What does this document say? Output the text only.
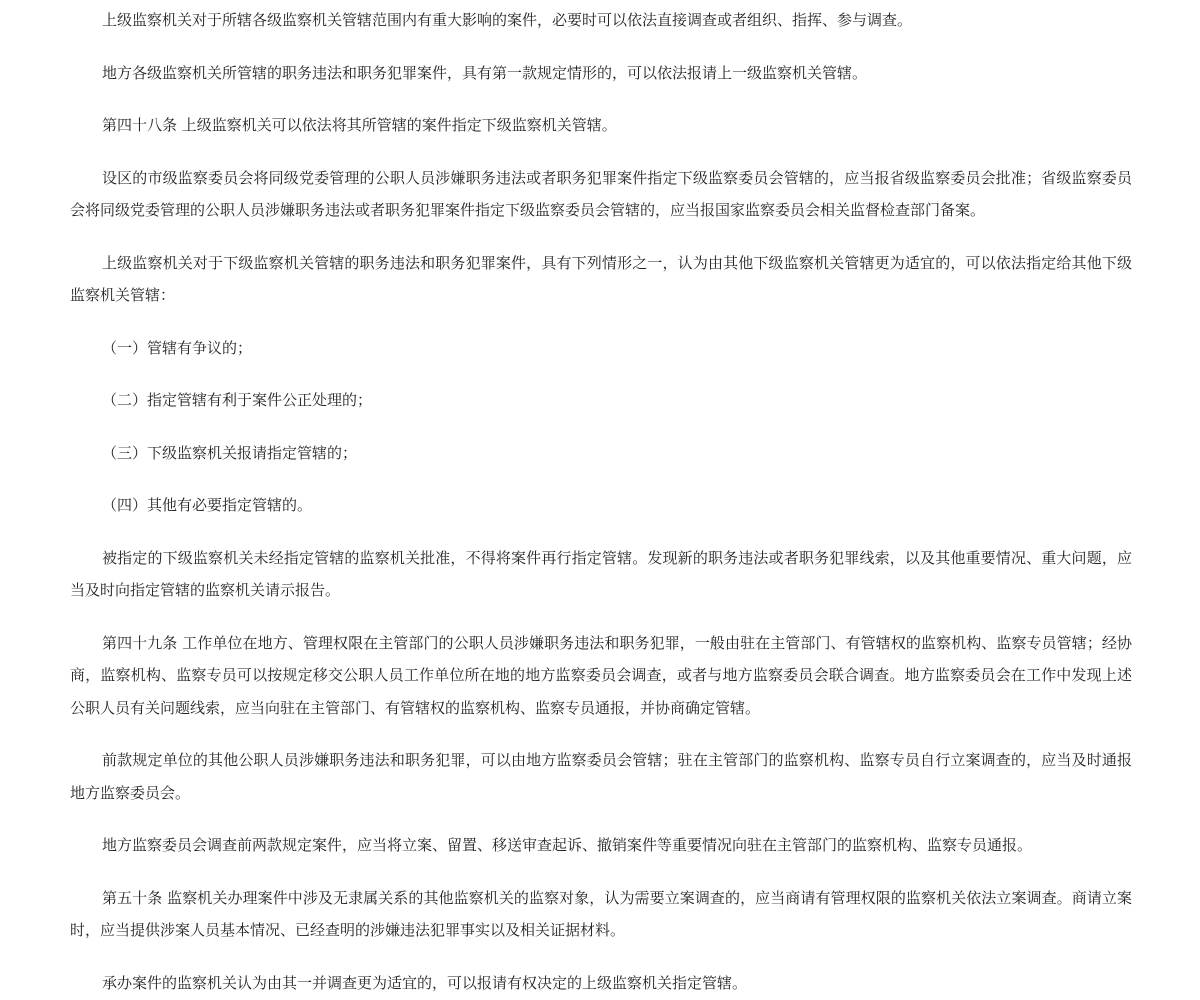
上级监察机关对于所辖各级监察机关管辖范围内有重大影响的案件，必要时可以依法直接调查或者组织、指挥、参与调查。

地方各级监察机关所管辖的职务违法和职务犯罪案件，具有第一款规定情形的，可以依法报请上一级监察机关管辖。

第四十八条 上级监察机关可以依法将其所管辖的案件指定下级监察机关管辖。

设区的市级监察委员会将同级党委管理的公职人员涉嫌职务违法或者职务犯罪案件指定下级监察委员会管辖的，应当报省级监察委员会批准；省级监察委员会将同级党委管理的公职人员涉嫌职务违法或者职务犯罪案件指定下级监察委员会管辖的，应当报国家监察委员会相关监督检查部门备案。

上级监察机关对于下级监察机关管辖的职务违法和职务犯罪案件，具有下列情形之一，认为由其他下级监察机关管辖更为适宜的，可以依法指定给其他下级监察机关管辖：

（一）管辖有争议的；

（二）指定管辖有利于案件公正处理的；

（三）下级监察机关报请指定管辖的；

（四）其他有必要指定管辖的。

被指定的下级监察机关未经指定管辖的监察机关批准，不得将案件再行指定管辖。发现新的职务违法或者职务犯罪线索，以及其他重要情况、重大问题，应当及时向指定管辖的监察机关请示报告。

第四十九条 工作单位在地方、管理权限在主管部门的公职人员涉嫌职务违法和职务犯罪，一般由驻在主管部门、有管辖权的监察机构、监察专员管辖；经协商，监察机构、监察专员可以按规定移交公职人员工作单位所在地的地方监察委员会调查，或者与地方监察委员会联合调查。地方监察委员会在工作中发现上述公职人员有关问题线索，应当向驻在主管部门、有管辖权的监察机构、监察专员通报，并协商确定管辖。

前款规定单位的其他公职人员涉嫌职务违法和职务犯罪，可以由地方监察委员会管辖；驻在主管部门的监察机构、监察专员自行立案调查的，应当及时通报地方监察委员会。

地方监察委员会调查前两款规定案件，应当将立案、留置、移送审查起诉、撤销案件等重要情况向驻在主管部门的监察机构、监察专员通报。

第五十条 监察机关办理案件中涉及无隶属关系的其他监察机关的监察对象，认为需要立案调查的，应当商请有管理权限的监察机关依法立案调查。商请立案时，应当提供涉案人员基本情况、已经查明的涉嫌违法犯罪事实以及相关证据材料。

承办案件的监察机关认为由其一并调查更为适宜的，可以报请有权决定的上级监察机关指定管辖。
